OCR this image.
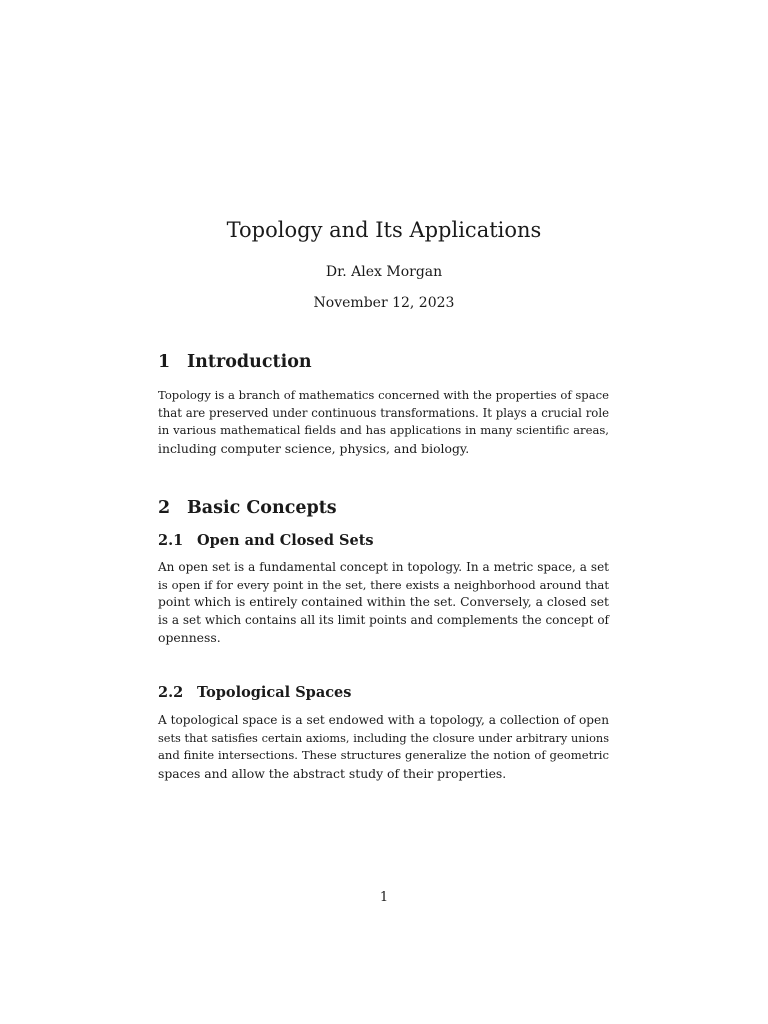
Topology and Its Applications
Dr. Alex Morgan
November 12, 2023
1 Introduction
Topology is a branch of mathematics concerned with the properties of space
that are preserved under continuous transformations. It plays a crucial role
in various mathematical fields and has applications in many scientific areas,
including computer science, physics, and biology.
2 Basic Concepts
2.1 Open and Closed Sets
An open set is a fundamental concept in topology. In a metric space, a set
is open if for every point in the set, there exists a neighborhood around that
point which is entirely contained within the set. Conversely, a closed set
is a set which contains all its limit points and complements the concept of
openness.
2.2 Topological Spaces
A topological space is a set endowed with a topology, a collection of open
sets that satisfies certain axioms, including the closure under arbitrary unions
and finite intersections. These structures generalize the notion of geometric
spaces and allow the abstract study of their properties.
1
